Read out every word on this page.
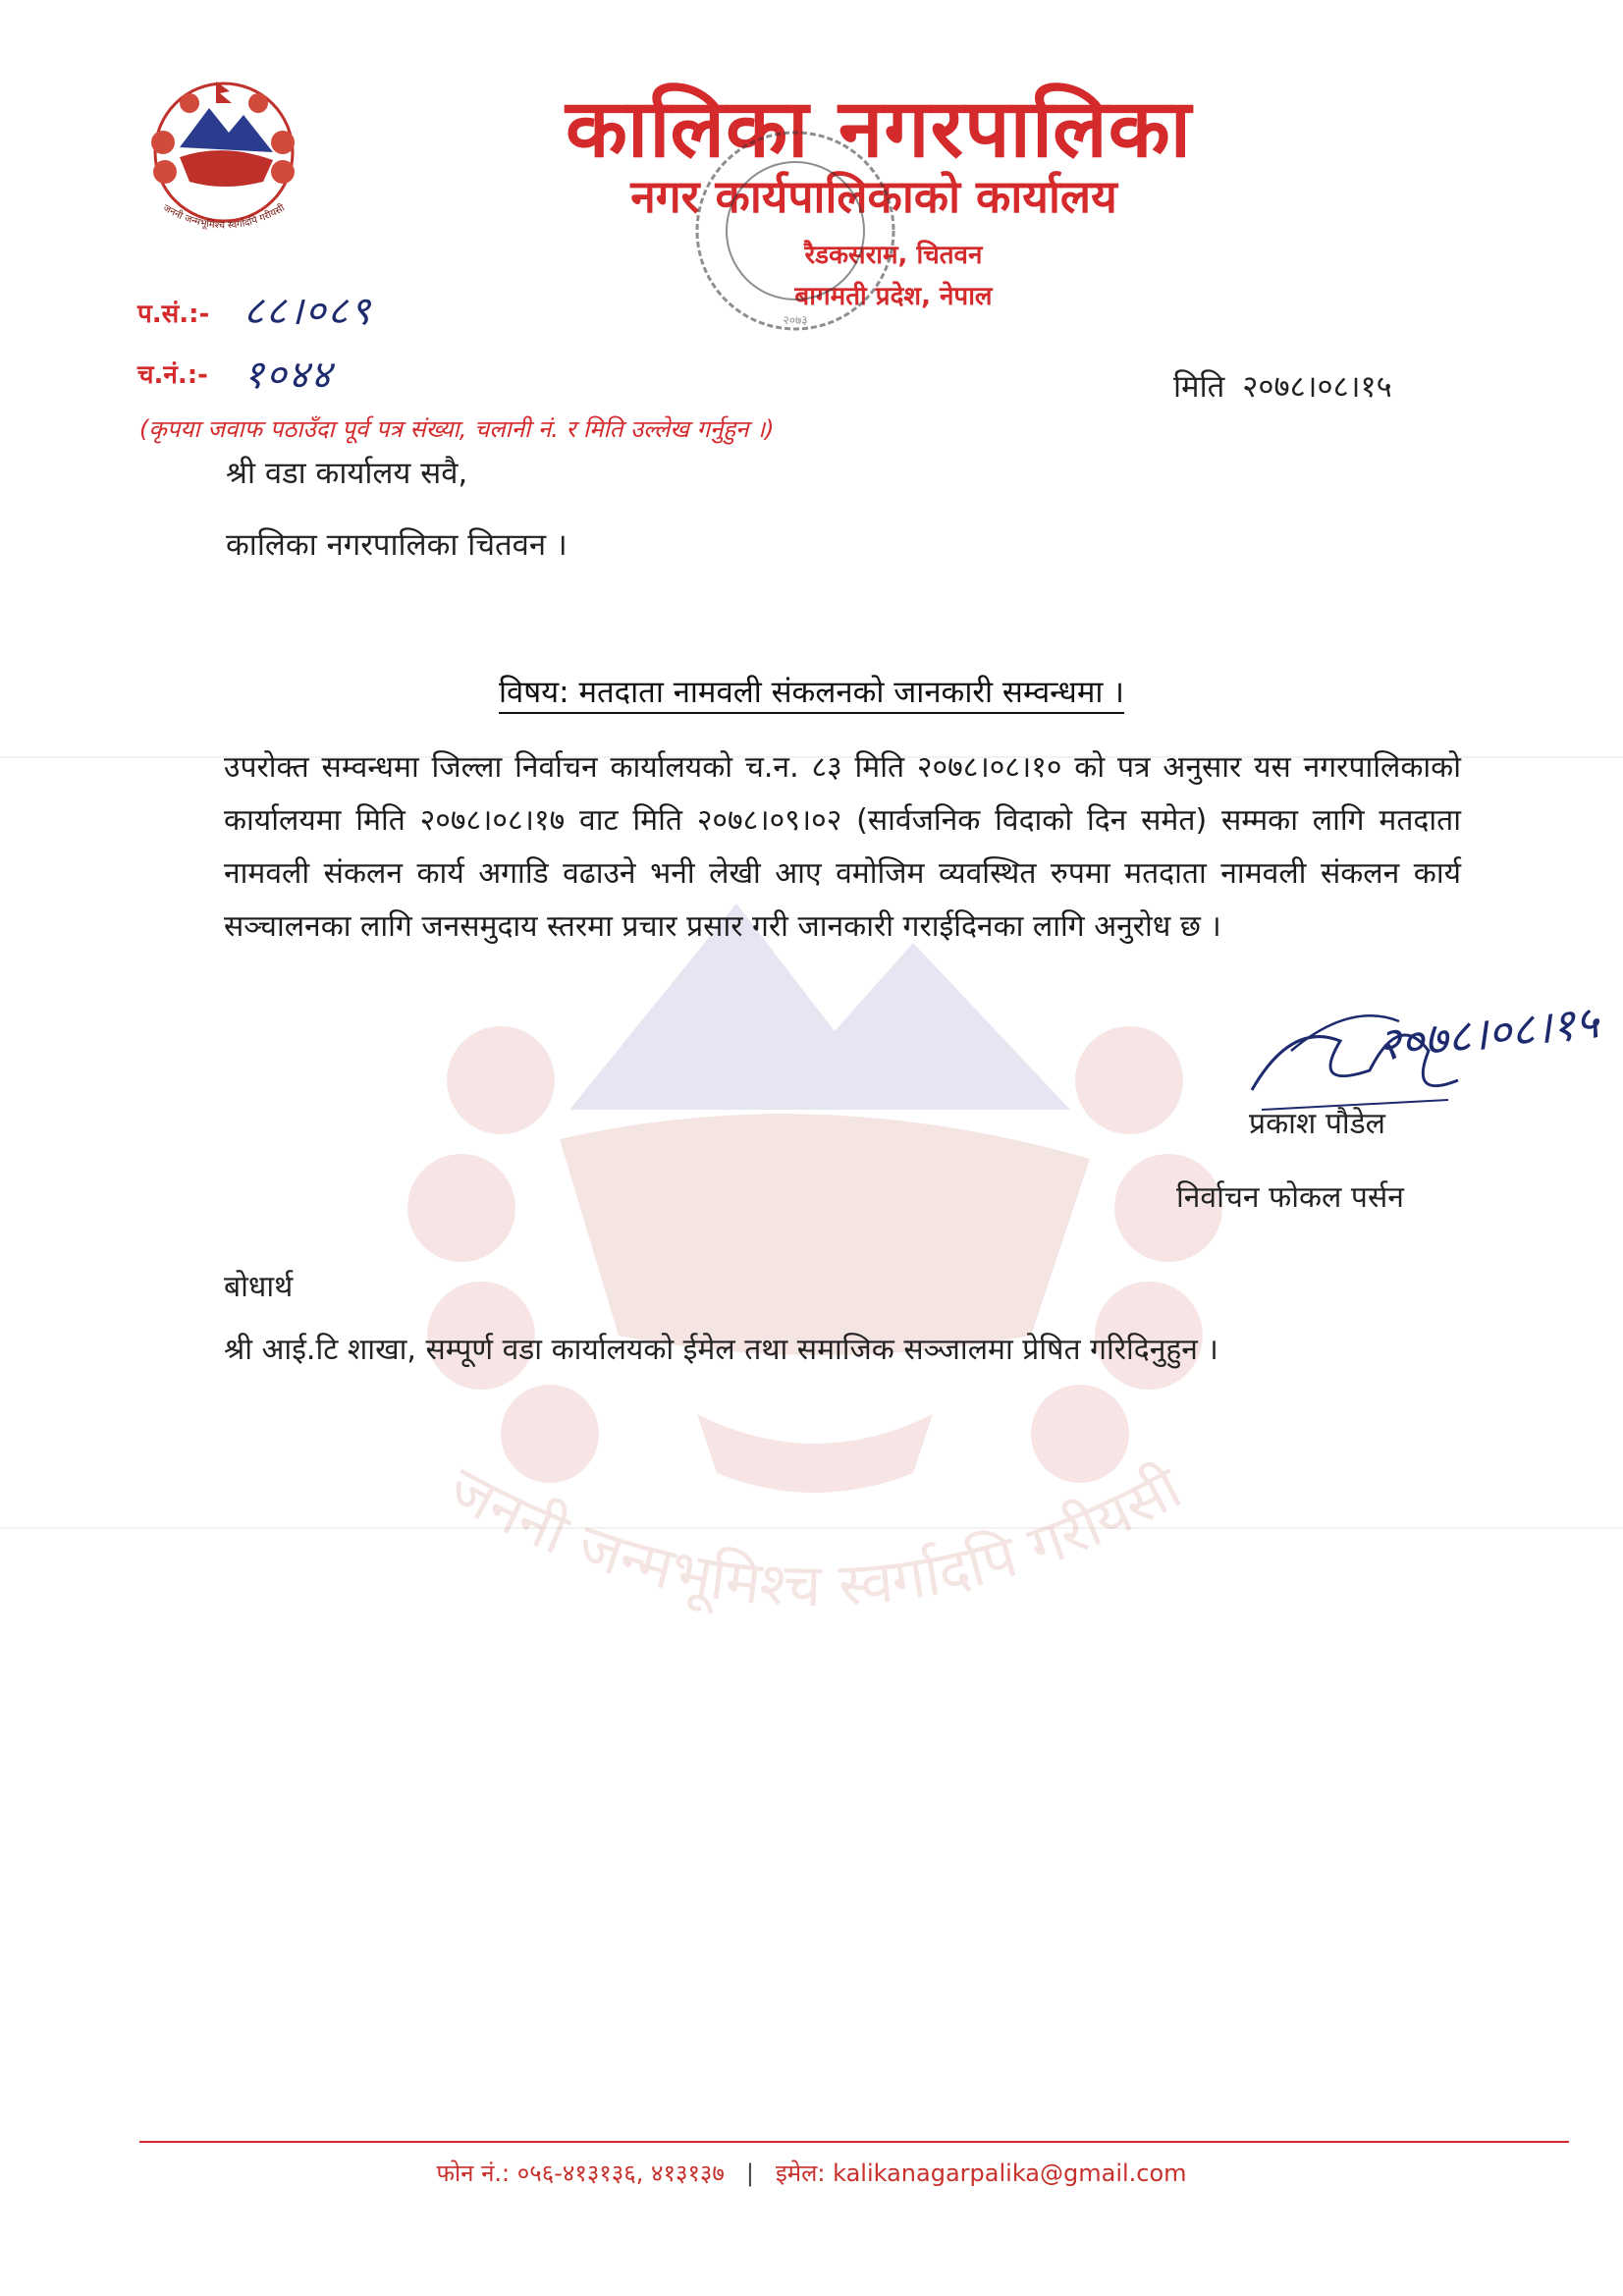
जननी जन्मभूमिश्च स्वर्गादपि गरीयसी
जननी जन्मभूमिश्च स्वर्गादपि गरीयसी
कालिका नगरपालिका
नगर कार्यपालिकाको कार्यालय
रैडकसराम, चितवन
बागमती प्रदेश, नेपाल
२०७३
प.सं.:- ८८।०८९
च.नं.:- १०४४	मिति २०७८।०८।१५
(कृपया जवाफ पठाउँदा पूर्व पत्र संख्या, चलानी नं. र मिति उल्लेख गर्नुहुन ।)
श्री वडा कार्यालय सवै,
कालिका नगरपालिका चितवन ।
विषय: मतदाता नामवली संकलनको जानकारी सम्वन्धमा ।
उपरोक्त सम्वन्धमा जिल्ला निर्वाचन कार्यालयको च.न. ८३ मिति २०७८।०८।१० को पत्र अनुसार यस नगरपालिकाको कार्यालयमा मिति २०७८।०८।१७ वाट मिति २०७८।०९।०२ (सार्वजनिक विदाको दिन समेत) सम्मका लागि मतदाता नामवली संकलन कार्य अगाडि वढाउने भनी लेखी आए वमोजिम व्यवस्थित रुपमा मतदाता नामवली संकलन कार्य सञ्चालनका लागि जनसमुदाय स्तरमा प्रचार प्रसार गरी जानकारी गराईदिनका लागि अनुरोध छ ।
२०७८।०८।१५
प्रकाश पौडेल
निर्वाचन फोकल पर्सन
बोधार्थ
श्री आई.टि शाखा, सम्पूर्ण वडा कार्यालयको ईमेल तथा समाजिक सञ्जालमा प्रेषित गरिदिनुहुन ।
फोन नं.: ०५६-४१३१३६, ४१३१३७ | इमेल: kalikanagarpalika@gmail.com
